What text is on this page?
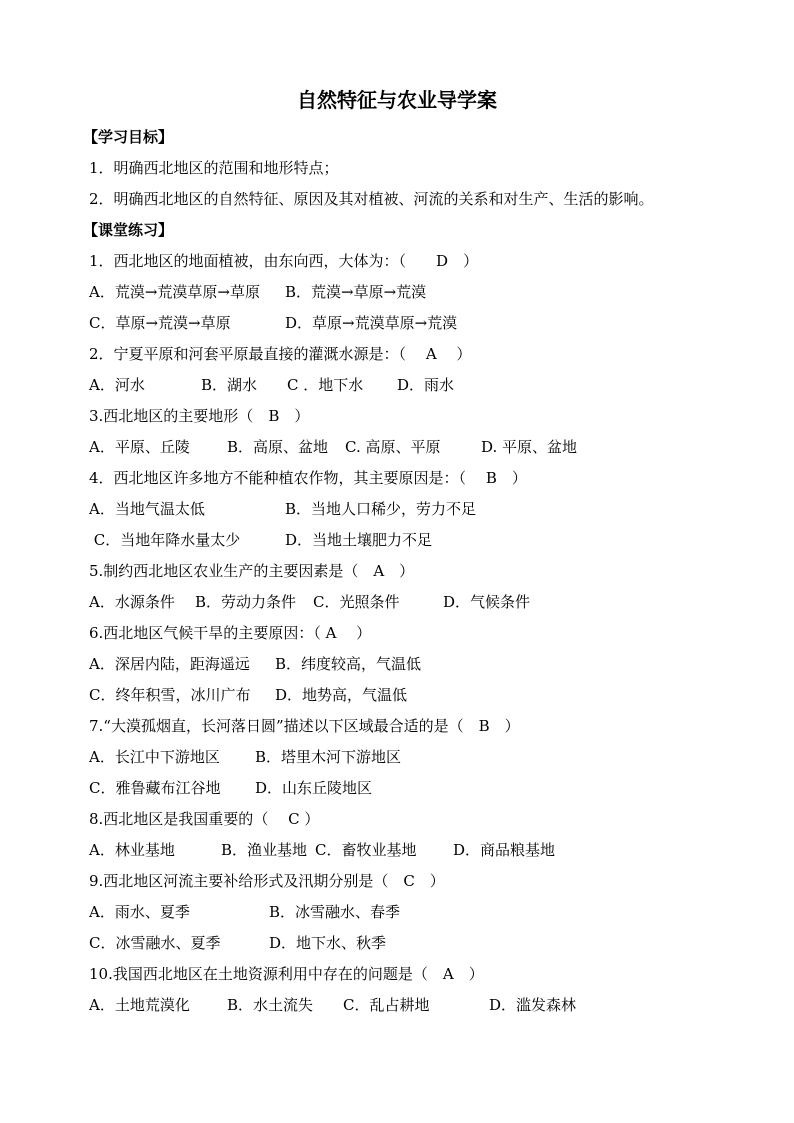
自然特征与农业导学案
【学习目标】
1．明确西北地区的范围和地形特点；
2．明确西北地区的自然特征、原因及其对植被、河流的关系和对生产、生活的影响。
【课堂练习】
1．西北地区的地面植被，由东向西，大体为：（　　D　）
A．荒漠→荒漠草原→草原	B．荒漠→草原→荒漠
C．草原→荒漠→草原	D．草原→荒漠草原→荒漠
2．宁夏平原和河套平原最直接的灌溉水源是：（　 A　 ）
A．河水	B．湖水	C ．地下水	D．雨水
3.西北地区的主要地形（　B　）
A．平原、丘陵	B．高原、盆地	C. 高原、平原	D. 平原、盆地
4．西北地区许多地方不能种植农作物，其主要原因是：（　 B　）
A．当地气温太低	B．当地人口稀少，劳力不足
C．当地年降水量太少	D．当地土壤肥力不足
5.制约西北地区农业生产的主要因素是（　A　）
A．水源条件	B．劳动力条件	C．光照条件	D．气候条件
6.西北地区气候干旱的主要原因：（ A　 ）
A．深居内陆，距海遥远	B．纬度较高，气温低
C．终年积雪，冰川广布	D．地势高，气温低
7.“大漠孤烟直，长河落日圆”描述以下区域最合适的是（　B　）
A．长江中下游地区	B．塔里木河下游地区
C．雅鲁藏布江谷地	D．山东丘陵地区
8.西北地区是我国重要的（　 C ）
A．林业基地	B．渔业基地 C．畜牧业基地	D．商品粮基地
9.西北地区河流主要补给形式及汛期分别是（　C　）
A．雨水、夏季	B．冰雪融水、春季
C．冰雪融水、夏季	D．地下水、秋季
10.我国西北地区在土地资源利用中存在的问题是（　A　）
A．土地荒漠化	B．水土流失	C．乱占耕地	D．滥发森林
